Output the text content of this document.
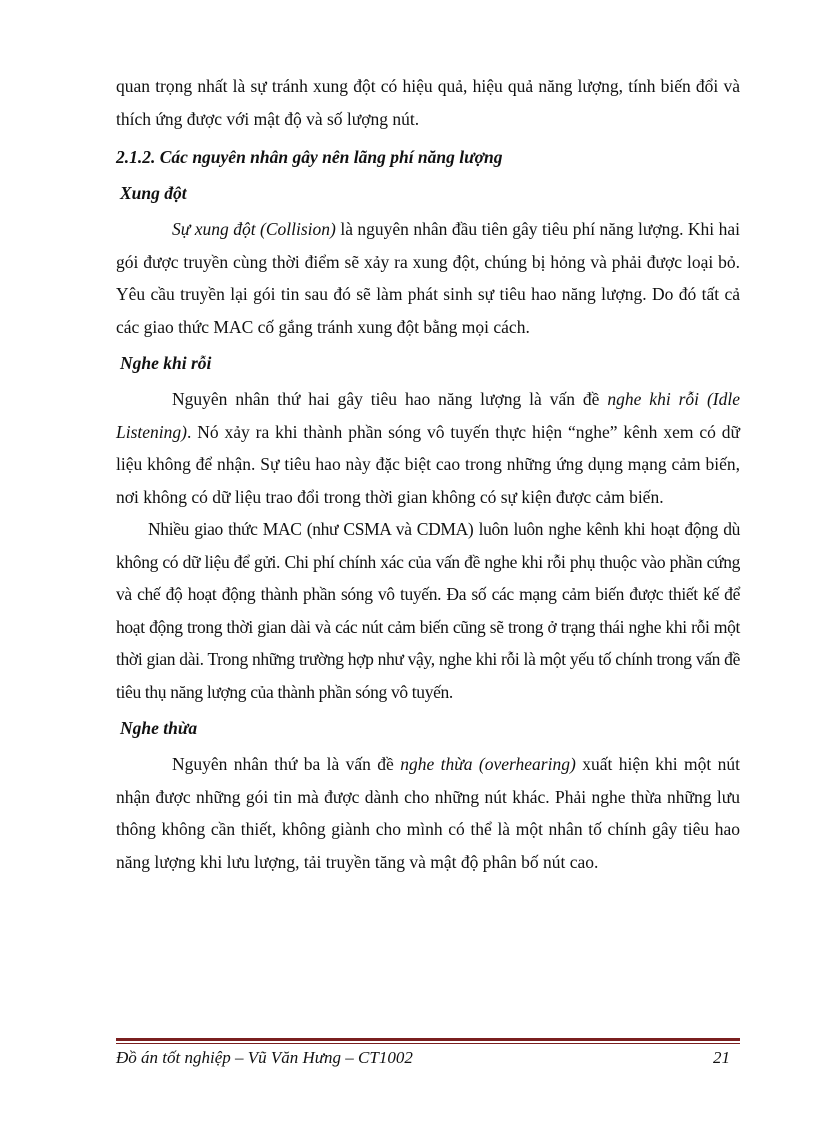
quan trọng nhất là sự tránh xung đột có hiệu quả, hiệu quả năng lượng, tính biến đổi và thích ứng được với mật độ và số lượng nút.

2.1.2. Các nguyên nhân gây nên lãng phí năng lượng
Xung đột

Sự xung đột (Collision) là nguyên nhân đầu tiên gây tiêu phí năng lượng. Khi hai gói được truyền cùng thời điểm sẽ xảy ra xung đột, chúng bị hỏng và phải được loại bỏ. Yêu cầu truyền lại gói tin sau đó sẽ làm phát sinh sự tiêu hao năng lượng. Do đó tất cả các giao thức MAC cố gắng tránh xung đột bằng mọi cách.

Nghe khi rỗi

Nguyên nhân thứ hai gây tiêu hao năng lượng là vấn đề nghe khi rỗi (Idle Listening). Nó xảy ra khi thành phần sóng vô tuyến thực hiện “nghe” kênh xem có dữ liệu không để nhận. Sự tiêu hao này đặc biệt cao trong những ứng dụng mạng cảm biến, nơi không có dữ liệu trao đổi trong thời gian không có sự kiện được cảm biến.

Nhiều giao thức MAC (như CSMA và CDMA) luôn luôn nghe kênh khi hoạt động dù không có dữ liệu để gửi. Chi phí chính xác của vấn đề nghe khi rỗi phụ thuộc vào phần cứng và chế độ hoạt động thành phần sóng vô tuyến. Đa số các mạng cảm biến được thiết kế để hoạt động trong thời gian dài và các nút cảm biến cũng sẽ trong ở trạng thái nghe khi rỗi một thời gian dài. Trong những trường hợp như vậy, nghe khi rỗi là một yếu tố chính trong vấn đề tiêu thụ năng lượng của thành phần sóng vô tuyến.

Nghe thừa

Nguyên nhân thứ ba là vấn đề nghe thừa (overhearing) xuất hiện khi một nút nhận được những gói tin mà được dành cho những nút khác. Phải nghe thừa những lưu thông không cần thiết, không giành cho mình có thể là một nhân tố chính gây tiêu hao năng lượng khi lưu lượng, tải truyền tăng và mật độ phân bố nút cao.

Đồ án tốt nghiệp – Vũ Văn Hưng – CT1002	21
